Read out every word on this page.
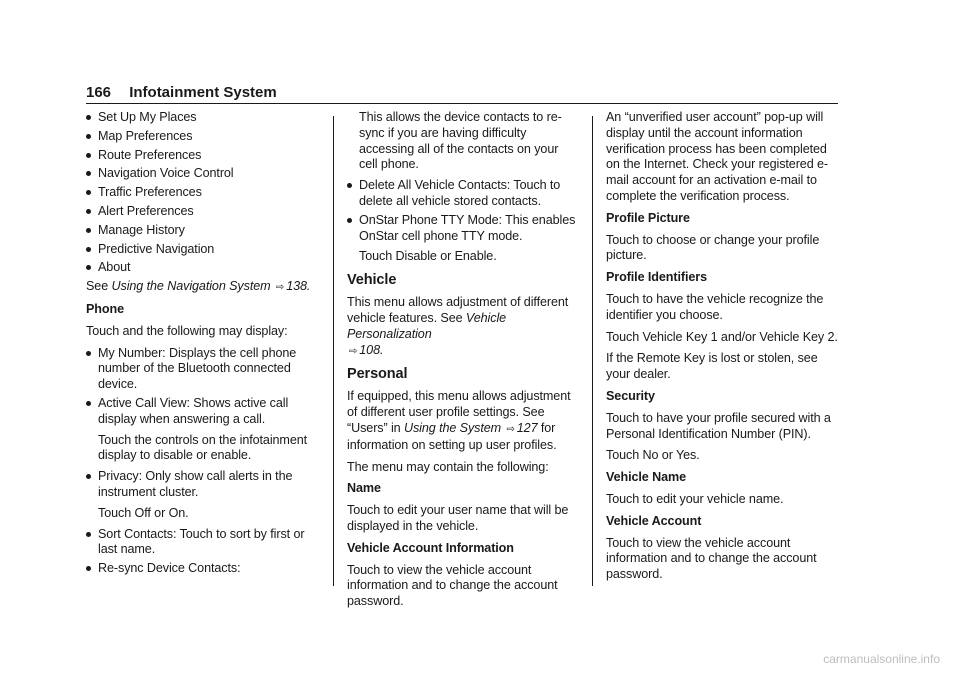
166 Infotainment System
Set Up My Places
Map Preferences
Route Preferences
Navigation Voice Control
Traffic Preferences
Alert Preferences
Manage History
Predictive Navigation
About

See Using the Navigation System ⇨ 138.

Phone

Touch and the following may display:

My Number: Displays the cell phone number of the Bluetooth connected device.
Active Call View: Shows active call display when answering a call.
Touch the controls on the infotainment display to disable or enable.
Privacy: Only show call alerts in the instrument cluster.
Touch Off or On.
Sort Contacts: Touch to sort by first or last name.
Re-sync Device Contacts:
This allows the device contacts to re-sync if you are having difficulty accessing all of the contacts on your cell phone.
Delete All Vehicle Contacts: Touch to delete all vehicle stored contacts.
OnStar Phone TTY Mode: This enables OnStar cell phone TTY mode.
Touch Disable or Enable.
Vehicle

This menu allows adjustment of different vehicle features. See Vehicle Personalization
⇨ 108.

Personal

If equipped, this menu allows adjustment of different user profile settings. See “Users” in Using the System ⇨ 127 for information on setting up user profiles.

The menu may contain the following:

Name

Touch to edit your user name that will be displayed in the vehicle.

Vehicle Account Information

Touch to view the vehicle account information and to change the account password.

An “unverified user account” pop-up will display until the account information verification process has been completed on the Internet. Check your registered e-mail account for an activation e-mail to complete the verification process.

Profile Picture

Touch to choose or change your profile picture.

Profile Identifiers

Touch to have the vehicle recognize the identifier you choose.

Touch Vehicle Key 1 and/or Vehicle Key 2.

If the Remote Key is lost or stolen, see your dealer.

Security

Touch to have your profile secured with a Personal Identification Number (PIN).

Touch No or Yes.

Vehicle Name

Touch to edit your vehicle name.

Vehicle Account

Touch to view the vehicle account information and to change the account password.

carmanualsonline.info
